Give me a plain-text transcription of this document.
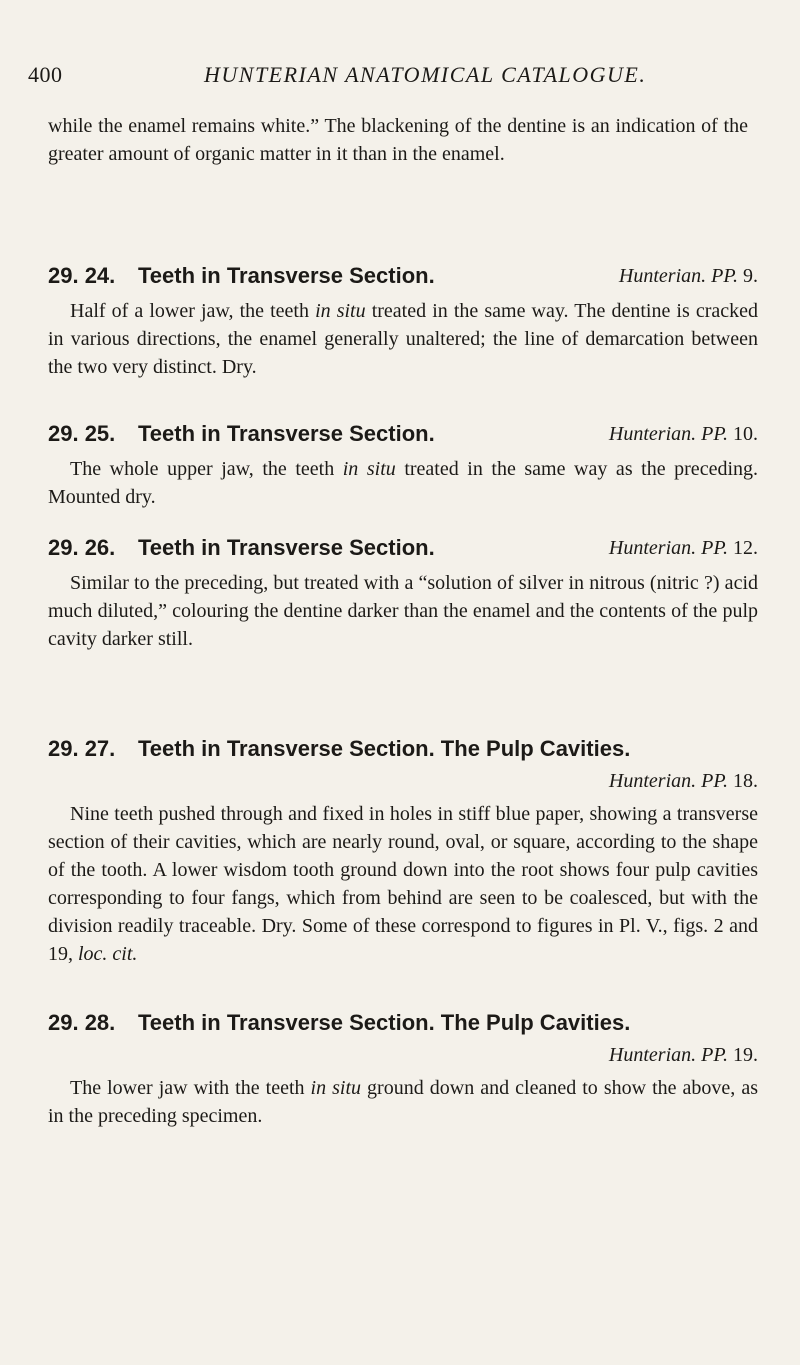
400	HUNTERIAN ANATOMICAL CATALOGUE.

while the enamel remains white.” The blackening of the dentine is an indication of the greater amount of organic matter in it than in the enamel.

29. 24. Teeth in Transverse Section.	Hunterian. PP. 9.

Half of a lower jaw, the teeth in situ treated in the same way. The dentine is cracked in various directions, the enamel generally unaltered; the line of demarcation between the two very distinct. Dry.

29. 25. Teeth in Transverse Section.	Hunterian. PP. 10.

The whole upper jaw, the teeth in situ treated in the same way as the preceding. Mounted dry.

29. 26. Teeth in Transverse Section.	Hunterian. PP. 12.

Similar to the preceding, but treated with a “solution of silver in nitrous (nitric ?) acid much diluted,” colouring the dentine darker than the enamel and the contents of the pulp cavity darker still.

29. 27. Teeth in Transverse Section. The Pulp Cavities.
Hunterian. PP. 18.

Nine teeth pushed through and fixed in holes in stiff blue paper, showing a transverse section of their cavities, which are nearly round, oval, or square, according to the shape of the tooth. A lower wisdom tooth ground down into the root shows four pulp cavities corresponding to four fangs, which from behind are seen to be coalesced, but with the division readily traceable. Dry. Some of these correspond to figures in Pl. V., figs. 2 and 19, loc. cit.

29. 28. Teeth in Transverse Section. The Pulp Cavities.
Hunterian. PP. 19.

The lower jaw with the teeth in situ ground down and cleaned to show the above, as in the preceding specimen.
